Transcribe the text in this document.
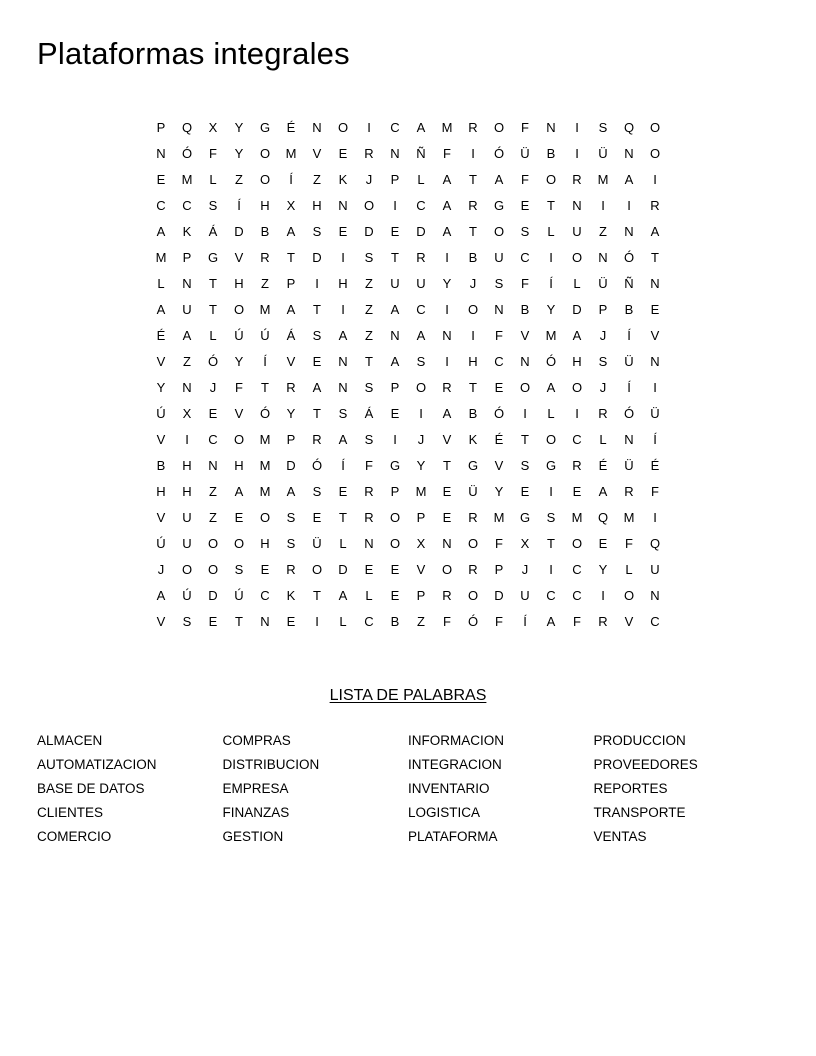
Plataformas integrales
P	Q	X	Y	G	É	N	O	I	C	A	M	R	O	F	N	I	S	Q	O
N	Ó	F	Y	O	M	V	E	R	N	Ñ	F	I	Ó	Ü	B	I	Ü	N	O
E	M	L	Z	O	Í	Z	K	J	P	L	A	T	A	F	O	R	M	A	I
C	C	S	Í	H	X	H	N	O	I	C	A	R	G	E	T	N	I	I	R
A	K	Á	D	B	A	S	E	D	E	D	A	T	O	S	L	U	Z	N	A
M	P	G	V	R	T	D	I	S	T	R	I	B	U	C	I	O	N	Ó	T
L	N	T	H	Z	P	I	H	Z	U	U	Y	J	S	F	Í	L	Ü	Ñ	N
A	U	T	O	M	A	T	I	Z	A	C	I	O	N	B	Y	D	P	B	E
É	A	L	Ú	Ú	Á	S	A	Z	N	A	N	I	F	V	M	A	J	Í	V
V	Z	Ó	Y	Í	V	E	N	T	A	S	I	H	C	N	Ó	H	S	Ü	N
Y	N	J	F	T	R	A	N	S	P	O	R	T	E	O	A	O	J	Í	I
Ú	X	E	V	Ó	Y	T	S	Á	E	I	A	B	Ó	I	L	I	R	Ó	Ü
V	I	C	O	M	P	R	A	S	I	J	V	K	É	T	O	C	L	N	Í
B	H	N	H	M	D	Ó	Í	F	G	Y	T	G	V	S	G	R	É	Ü	É
H	H	Z	A	M	A	S	E	R	P	M	E	Ü	Y	E	I	E	A	R	F
V	U	Z	E	O	S	E	T	R	O	P	E	R	M	G	S	M	Q	M	I
Ú	U	O	O	H	S	Ü	L	N	O	X	N	O	F	X	T	O	E	F	Q
J	O	O	S	E	R	O	D	E	E	V	O	R	P	J	I	C	Y	L	U
A	Ú	D	Ú	C	K	T	A	L	E	P	R	O	D	U	C	C	I	O	N
V	S	E	T	N	E	I	L	C	B	Z	F	Ó	F	Í	A	F	R	V	C
LISTA DE PALABRAS
ALMACEN	COMPRAS	INFORMACION	PRODUCCION
AUTOMATIZACION	DISTRIBUCION	INTEGRACION	PROVEEDORES
BASE DE DATOS	EMPRESA	INVENTARIO	REPORTES
CLIENTES	FINANZAS	LOGISTICA	TRANSPORTE
COMERCIO	GESTION	PLATAFORMA	VENTAS
